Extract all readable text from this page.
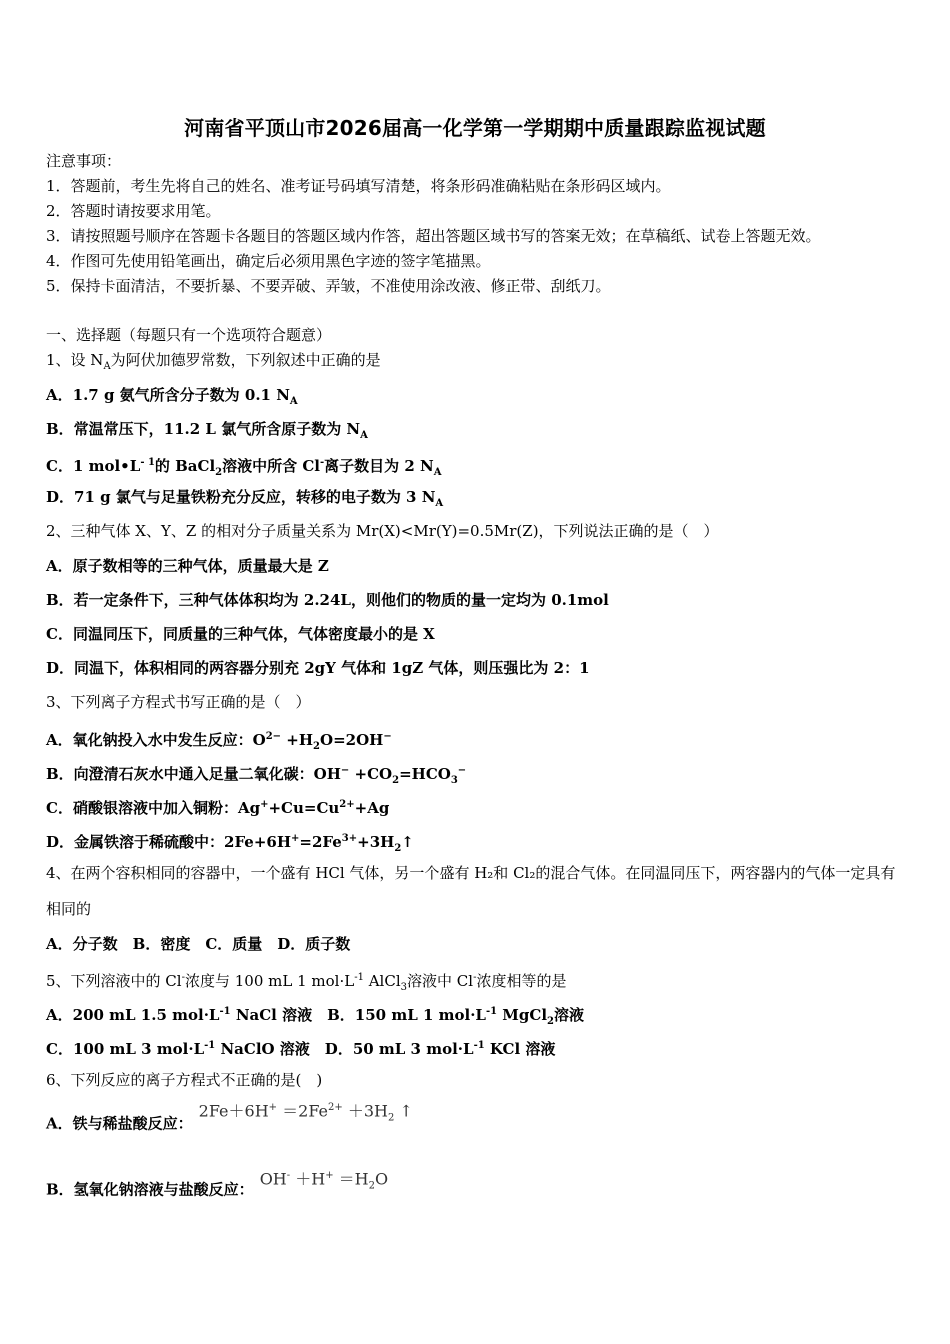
河南省平顶山市2026届高一化学第一学期期中质量跟踪监视试题
注意事项：
1．答题前，考生先将自己的姓名、准考证号码填写清楚，将条形码准确粘贴在条形码区域内。
2．答题时请按要求用笔。
3．请按照题号顺序在答题卡各题目的答题区域内作答，超出答题区域书写的答案无效；在草稿纸、试卷上答题无效。
4．作图可先使用铅笔画出，确定后必须用黑色字迹的签字笔描黑。
5．保持卡面清洁，不要折暴、不要弄破、弄皱，不准使用涂改液、修正带、刮纸刀。
一、选择题（每题只有一个选项符合题意）
1、设 $N_A$为阿伏加德罗常数，下列叙述中正确的是
A．1.7 g 氨气所含分子数为 0.1 $N_A$
B．常温常压下，11.2 L 氯气所含原子数为 $N_A$
C．1 $mol•L^{- 1}$的 BaCl$_2$溶液中所含 Cl-离子数目为 2 $N_A$
D．71 g 氯气与足量铁粉充分反应，转移的电子数为 3 $N_A$
2、三种气体 X、Y、Z 的相对分子质量关系为 Mr(X)<Mr(Y)=0.5Mr(Z)，下列说法正确的是（　）
A．原子数相等的三种气体，质量最大是 Z
B．若一定条件下，三种气体体积均为 2.24L，则他们的物质的量一定均为 0.1mol
C．同温同压下，同质量的三种气体，气体密度最小的是 X
D．同温下，体积相同的两容器分别充 2gY 气体和 1gZ 气体，则压强比为 2：1
3、下列离子方程式书写正确的是（　）
A．氧化钠投入水中发生反应：$O^{2-} +H_2O=2OH^-$
B．向澄清石灰水中通入足量二氧化碳：$OH^- +CO_2=HCO_3^-$
C．硝酸银溶液中加入铜粉：$Ag^++Cu=Cu^{2+}+Ag$
D．金属铁溶于稀硫酸中：$2Fe+6H^+=2Fe^{3+}+3H_2↑$
4、在两个容积相同的容器中，一个盛有 HCl 气体，另一个盛有 H₂和 Cl₂的混合气体。在同温同压下，两容器内的气体一定具有相同的
A．分子数　B．密度　C．质量　D．质子数
5、下列溶液中的 Cl-浓度与 100 mL 1 $mol\cdot L^{-1}$ AlCl$_3$溶液中 Cl-浓度相等的是
A．200 mL 1.5 $mol\cdot L^{-1}$ NaCl 溶液　B．150 mL 1 $mol\cdot L^{-1}$ MgCl$_2$溶液
C．100 mL 3 $mol\cdot L^{-1}$ NaClO 溶液　D．50 mL 3 $mol\cdot L^{-1}$ KCl 溶液
6、下列反应的离子方程式不正确的是(　)
A．铁与稀盐酸反应：$2Fe+6H^+ =2Fe^{2+} +3H_2$ ↑
B．氢氧化钠溶液与盐酸反应：$OH^- +H^+ =H_2O$
